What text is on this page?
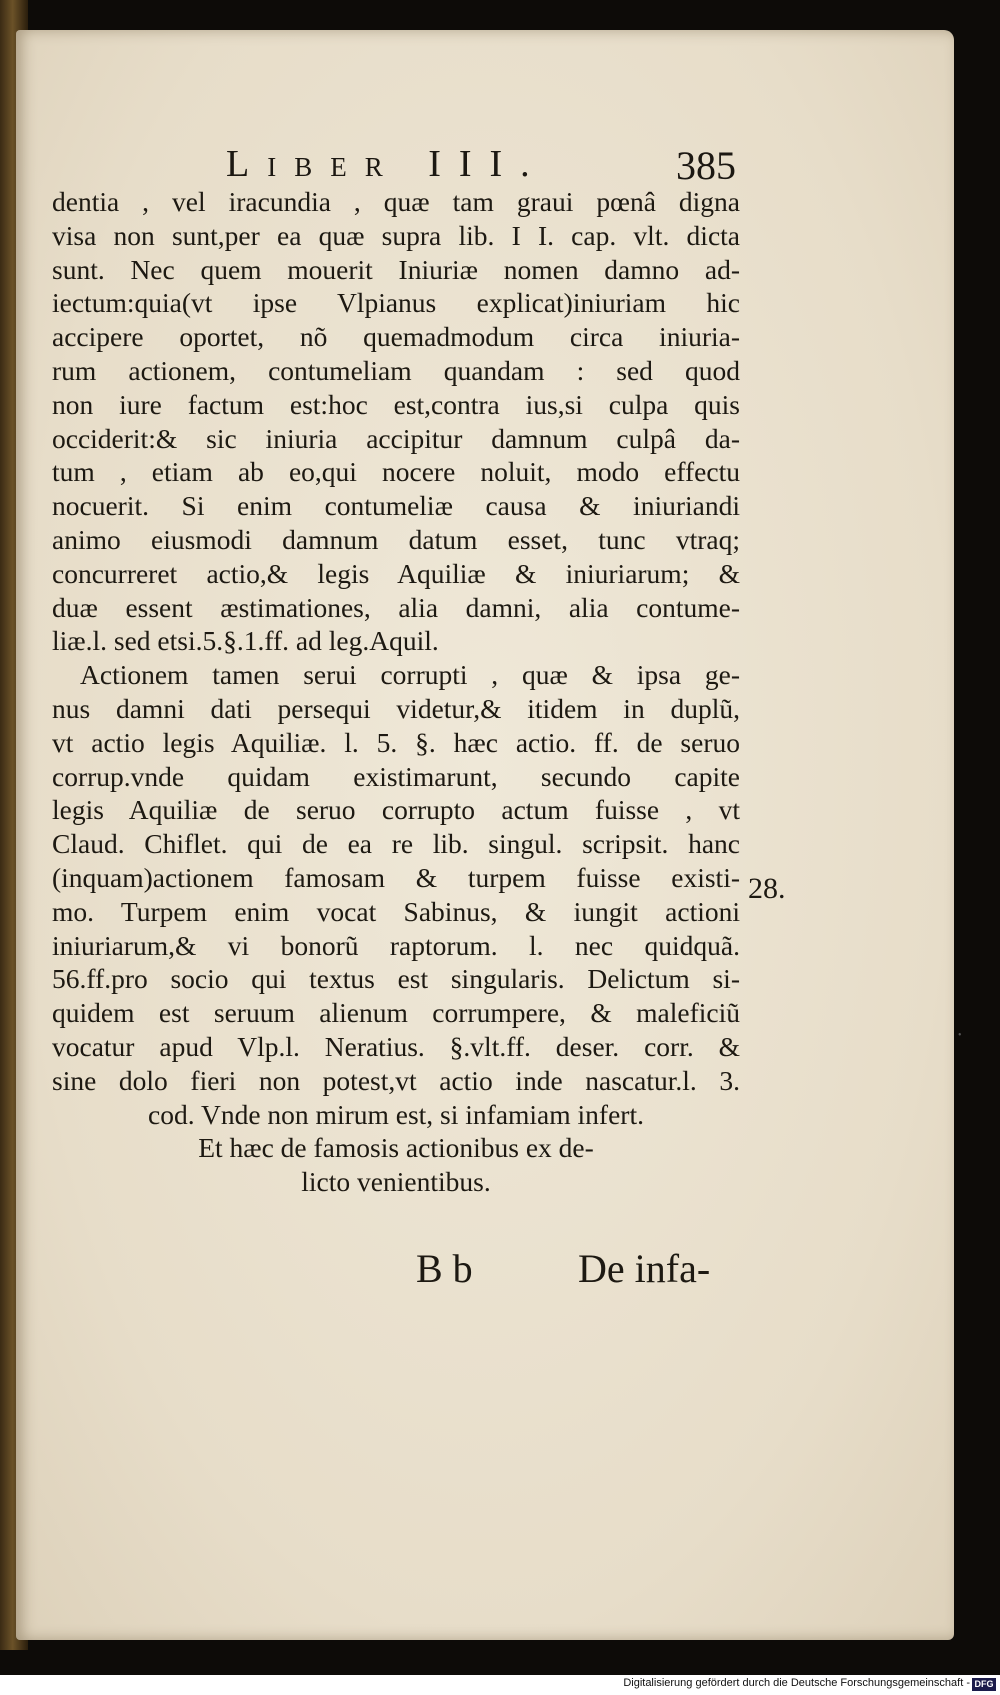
Liber III.	385
dentia , vel iracundia , quæ tam graui pœnâ digna
visa non sunt,per ea quæ supra lib. I I. cap. vlt. dicta
sunt. Nec quem mouerit Iniuriæ nomen damno ad-
iectum:quia(vt ipse Vlpianus explicat)iniuriam hic
accipere oportet, nõ quemadmodum circa iniuria-
rum actionem, contumeliam quandam : sed quod
non iure factum est:hoc est,contra ius,si culpa quis
occiderit:& sic iniuria accipitur damnum culpâ da-
tum , etiam ab eo,qui nocere noluit, modo effectu
nocuerit. Si enim contumeliæ causa & iniuriandi
animo eiusmodi damnum datum esset, tunc vtraq;
concurreret actio,& legis Aquiliæ & iniuriarum; &
duæ essent æstimationes, alia damni, alia contume-
liæ.l. sed etsi.5.§.1.ff. ad leg.Aquil.
Actionem tamen serui corrupti , quæ & ipsa ge-
nus damni dati persequi videtur,& itidem in duplũ,
vt actio legis Aquiliæ. l. 5. §. hæc actio. ff. de seruo
corrup.vnde quidam existimarunt, secundo capite
legis Aquiliæ de seruo corrupto actum fuisse , vt
Claud. Chiflet. qui de ea re lib. singul. scripsit. hanc
(inquam)actionem famosam & turpem fuisse existi-
mo. Turpem enim vocat Sabinus, & iungit actioni
iniuriarum,& vi bonorũ raptorum. l. nec quidquã.
56.ff.pro socio qui textus est singularis. Delictum si-
quidem est seruum alienum corrumpere, & maleficiũ
vocatur apud Vlp.l. Neratius. §.vlt.ff. deser. corr. &
sine dolo fieri non potest,vt actio inde nascatur.l. 3.
cod. Vnde non mirum est, si infamiam infert.
Et hæc de famosis actionibus ex de-
licto venientibus.
28.
•
B b	De infa-
Digitalisierung gefördert durch die Deutsche Forschungsgemeinschaft - DFG
